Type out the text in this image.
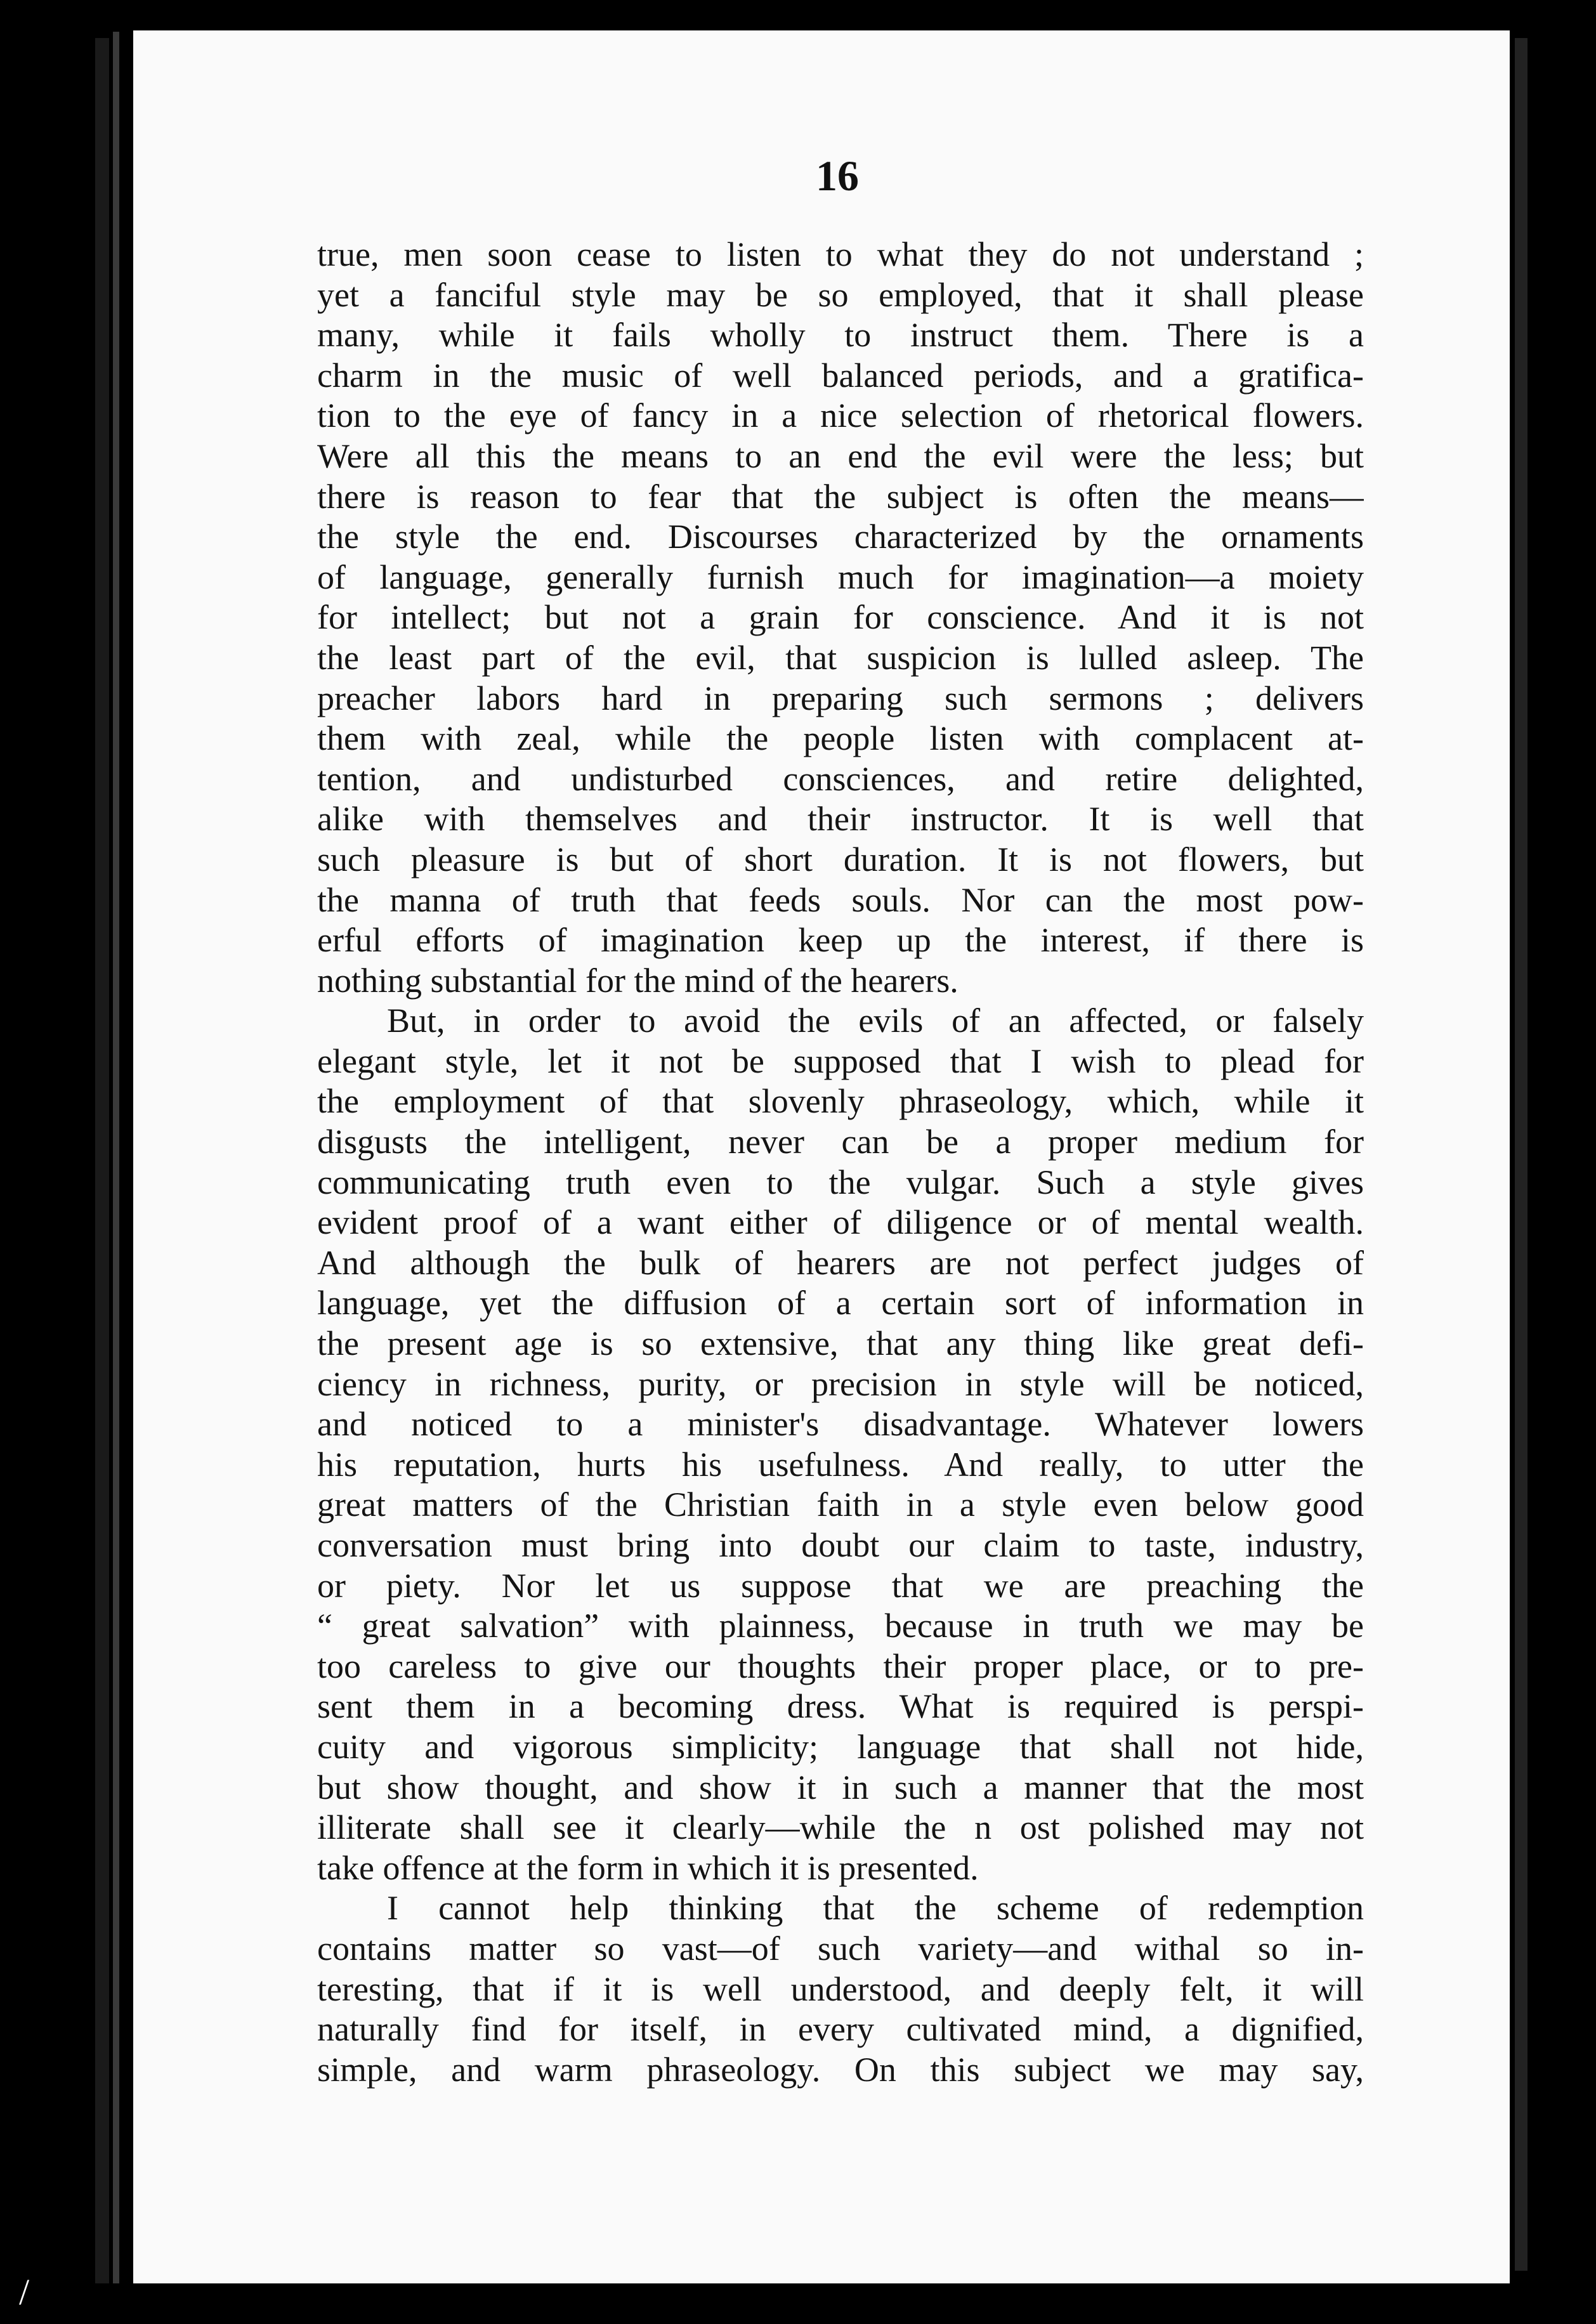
16

true, men soon cease to listen to what they do not understand ;
yet a fanciful style may be so employed, that it shall please
many, while it fails wholly to instruct them. There is a
charm in the music of well balanced periods, and a gratifica-
tion to the eye of fancy in a nice selection of rhetorical flowers.
Were all this the means to an end the evil were the less; but
there is reason to fear that the subject is often the means—
the style the end. Discourses characterized by the ornaments
of language, generally furnish much for imagination—a moiety
for intellect; but not a grain for conscience. And it is not
the least part of the evil, that suspicion is lulled asleep. The
preacher labors hard in preparing such sermons ; delivers
them with zeal, while the people listen with complacent at-
tention, and undisturbed consciences, and retire delighted,
alike with themselves and their instructor. It is well that
such pleasure is but of short duration. It is not flowers, but
the manna of truth that feeds souls. Nor can the most pow-
erful efforts of imagination keep up the interest, if there is
nothing substantial for the mind of the hearers.
But, in order to avoid the evils of an affected, or falsely
elegant style, let it not be supposed that I wish to plead for
the employment of that slovenly phraseology, which, while it
disgusts the intelligent, never can be a proper medium for
communicating truth even to the vulgar. Such a style gives
evident proof of a want either of diligence or of mental wealth.
And although the bulk of hearers are not perfect judges of
language, yet the diffusion of a certain sort of information in
the present age is so extensive, that any thing like great defi-
ciency in richness, purity, or precision in style will be noticed,
and noticed to a minister's disadvantage. Whatever lowers
his reputation, hurts his usefulness. And really, to utter the
great matters of the Christian faith in a style even below good
conversation must bring into doubt our claim to taste, industry,
or piety. Nor let us suppose that we are preaching the
“ great salvation” with plainness, because in truth we may be
too careless to give our thoughts their proper place, or to pre-
sent them in a becoming dress. What is required is perspi-
cuity and vigorous simplicity; language that shall not hide,
but show thought, and show it in such a manner that the most
illiterate shall see it clearly—while the n ost polished may not
take offence at the form in which it is presented.
I cannot help thinking that the scheme of redemption
contains matter so vast—of such variety—and withal so in-
teresting, that if it is well understood, and deeply felt, it will
naturally find for itself, in every cultivated mind, a dignified,
simple, and warm phraseology. On this subject we may say,
/
